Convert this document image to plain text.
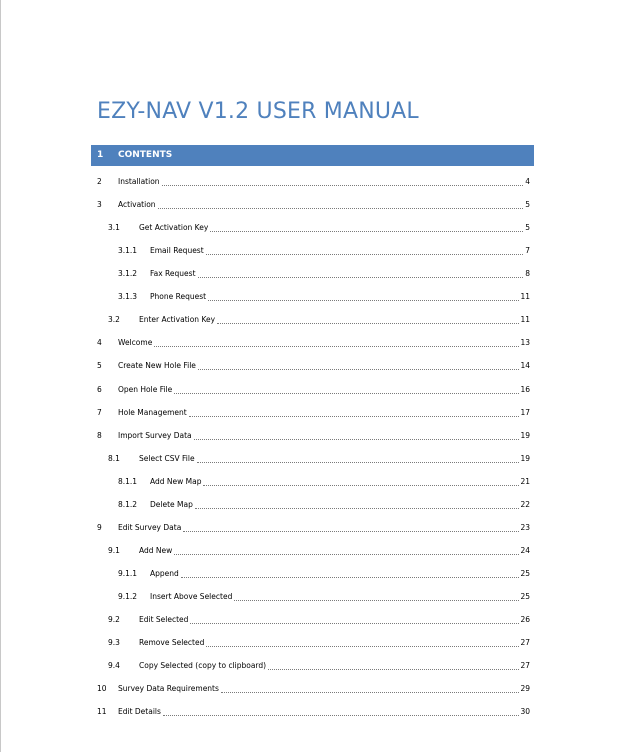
EZY-NAV V1.2 USER MANUAL
1 CONTENTS
2 Installation	4
3 Activation	5
3.1	Get Activation Key	5
3.1.1 Email Request	7
3.1.2 Fax Request	8
3.1.3 Phone Request	11
3.2	Enter Activation Key	11
4 Welcome	13
5 Create New Hole File	14
6 Open Hole File	16
7 Hole Management	17
8 Import Survey Data	19
8.1	Select CSV File	19
8.1.1 Add New Map	21
8.1.2 Delete Map	22
9 Edit Survey Data	23
9.1	Add New	24
9.1.1 Append	25
9.1.2 Insert Above Selected	25
9.2	Edit Selected	26
9.3	Remove Selected	27
9.4	Copy Selected (copy to clipboard)	27
10 Survey Data Requirements	29
11 Edit Details	30
